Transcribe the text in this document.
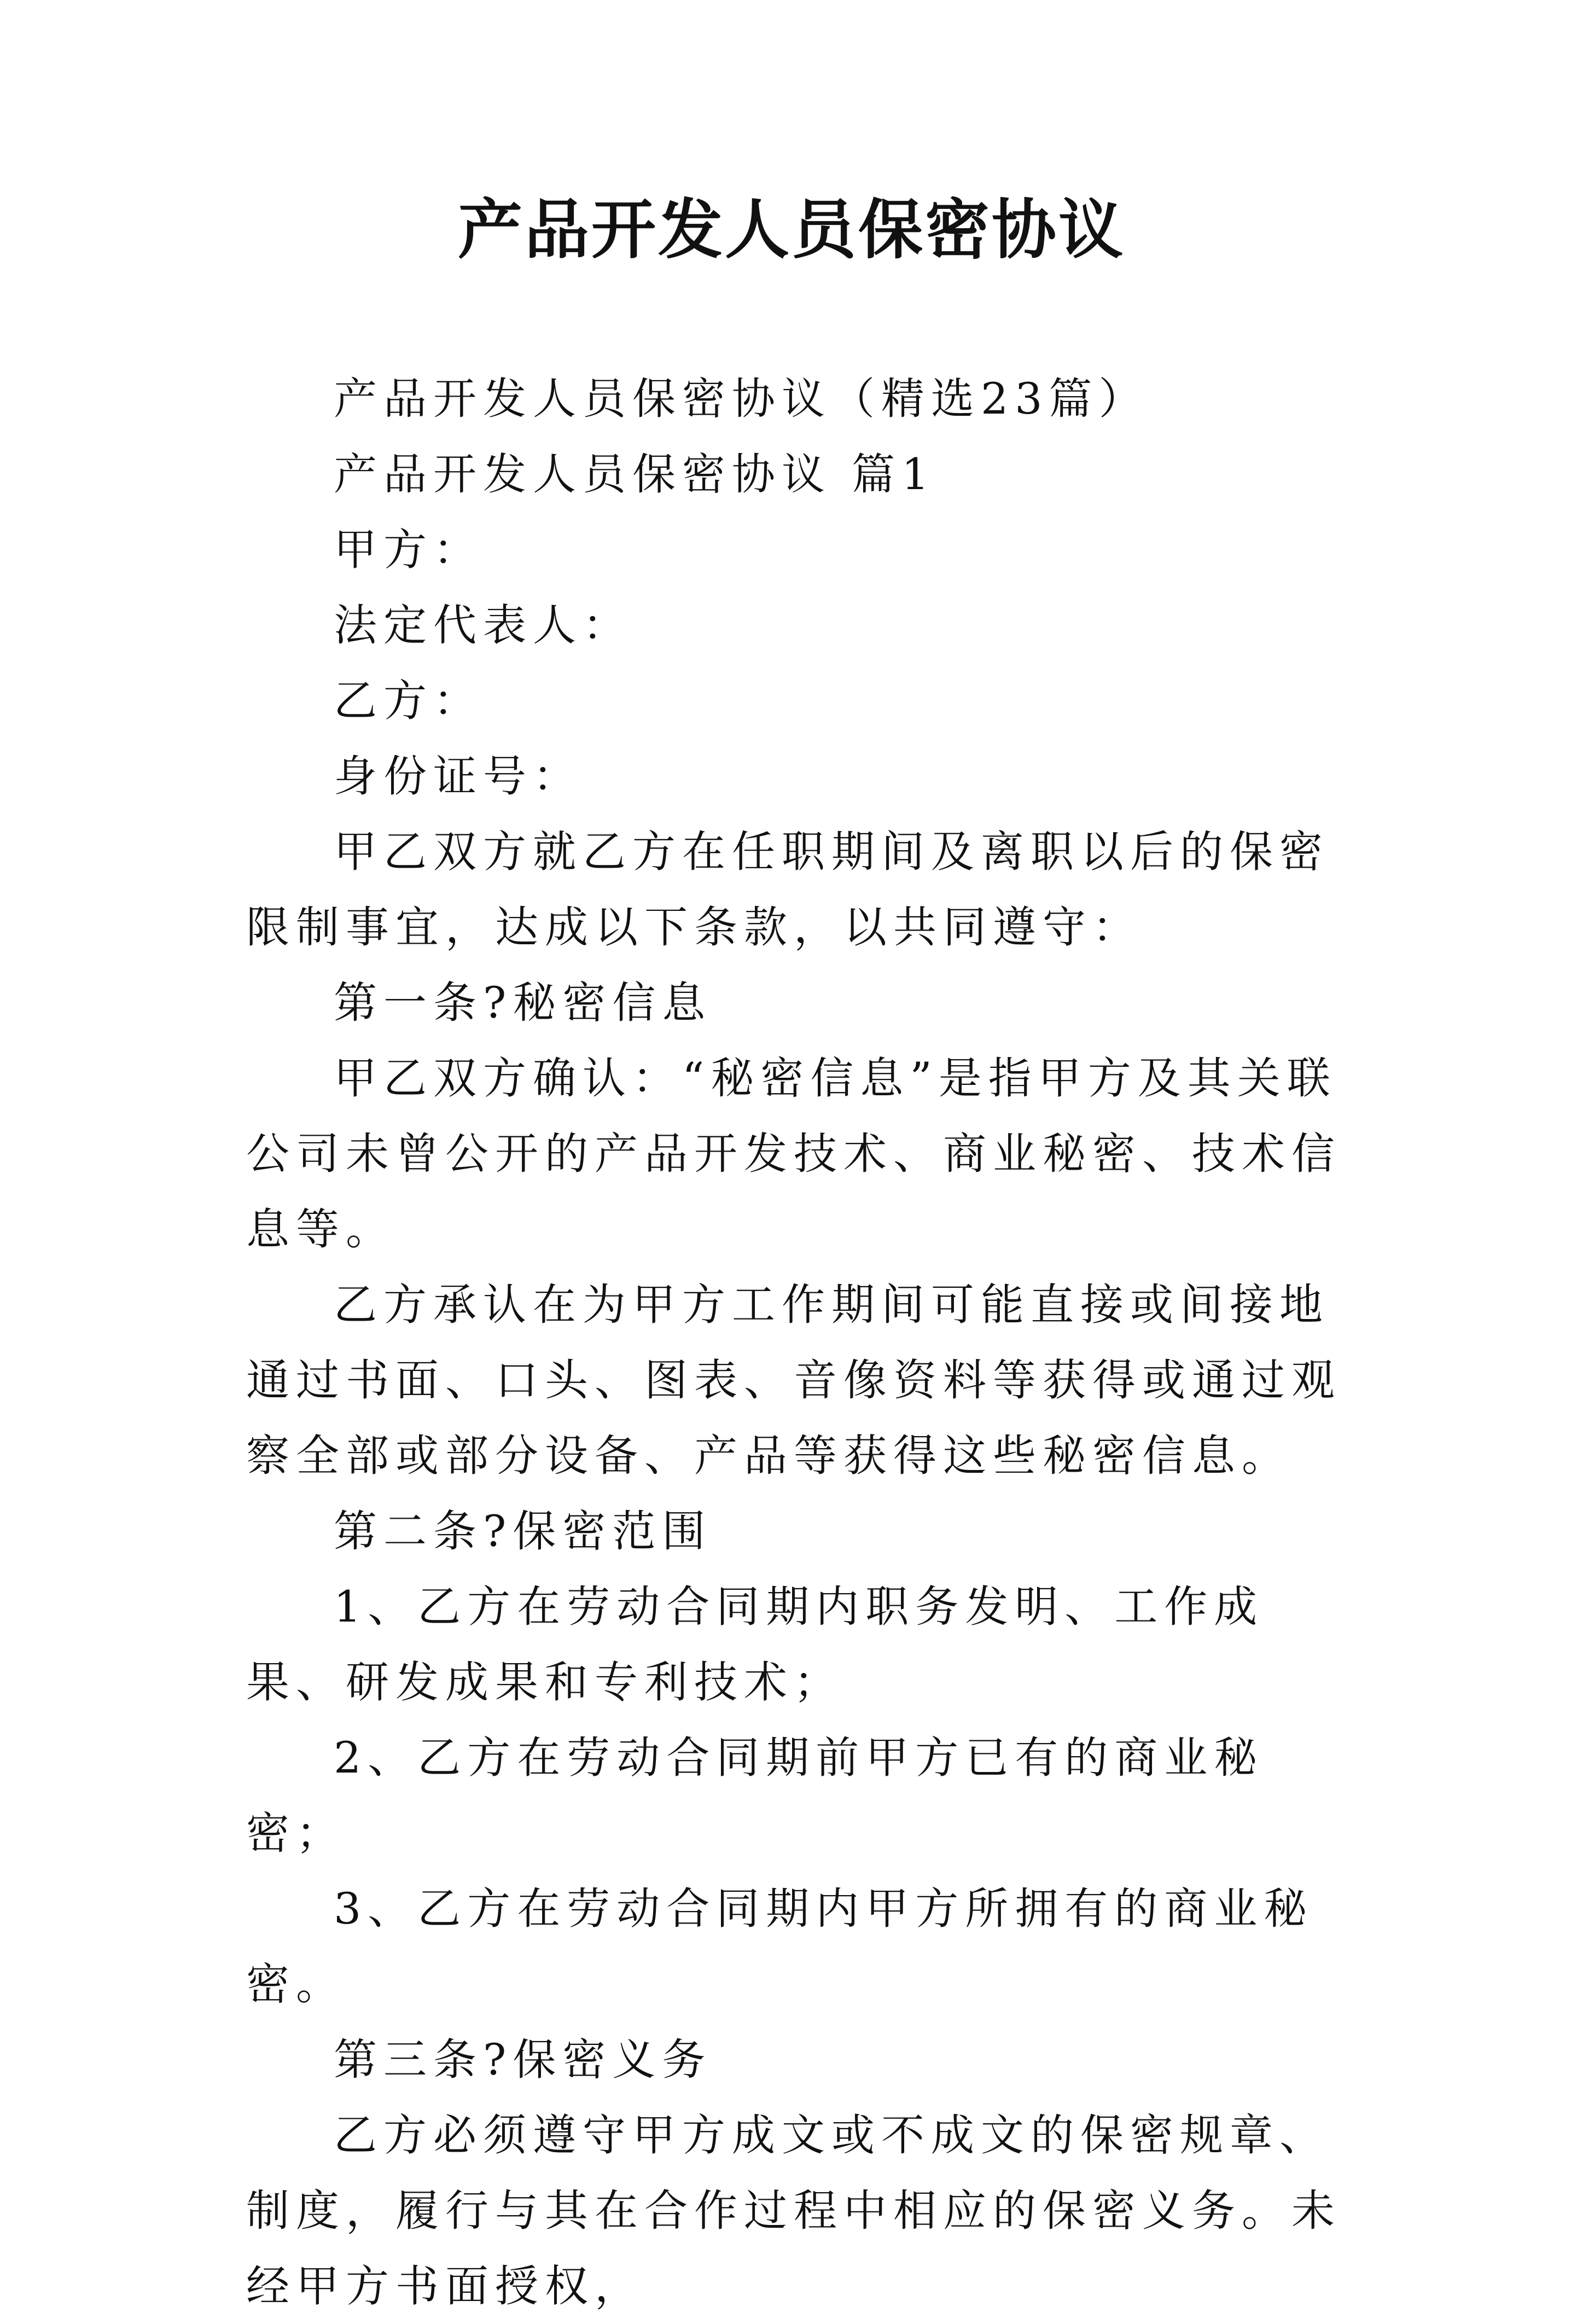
产品开发人员保密协议

产品开发人员保密协议（精选23篇）

产品开发人员保密协议 篇1

甲方：

法定代表人：

乙方：

身份证号：

甲乙双方就乙方在任职期间及离职以后的保密限制事宜，达成以下条款，以共同遵守：

第一条?秘密信息

甲乙双方确认：“秘密信息”是指甲方及其关联公司未曾公开的产品开发技术、商业秘密、技术信息等。

乙方承认在为甲方工作期间可能直接或间接地通过书面、口头、图表、音像资料等获得或通过观察全部或部分设备、产品等获得这些秘密信息。

第二条?保密范围

1、乙方在劳动合同期内职务发明、工作成果、研发成果和专利技术；

2、乙方在劳动合同期前甲方已有的商业秘密；

3、乙方在劳动合同期内甲方所拥有的商业秘密。

第三条?保密义务

乙方必须遵守甲方成文或不成文的保密规章、制度，履行与其在合作过程中相应的保密义务。未经甲方书面授权，
